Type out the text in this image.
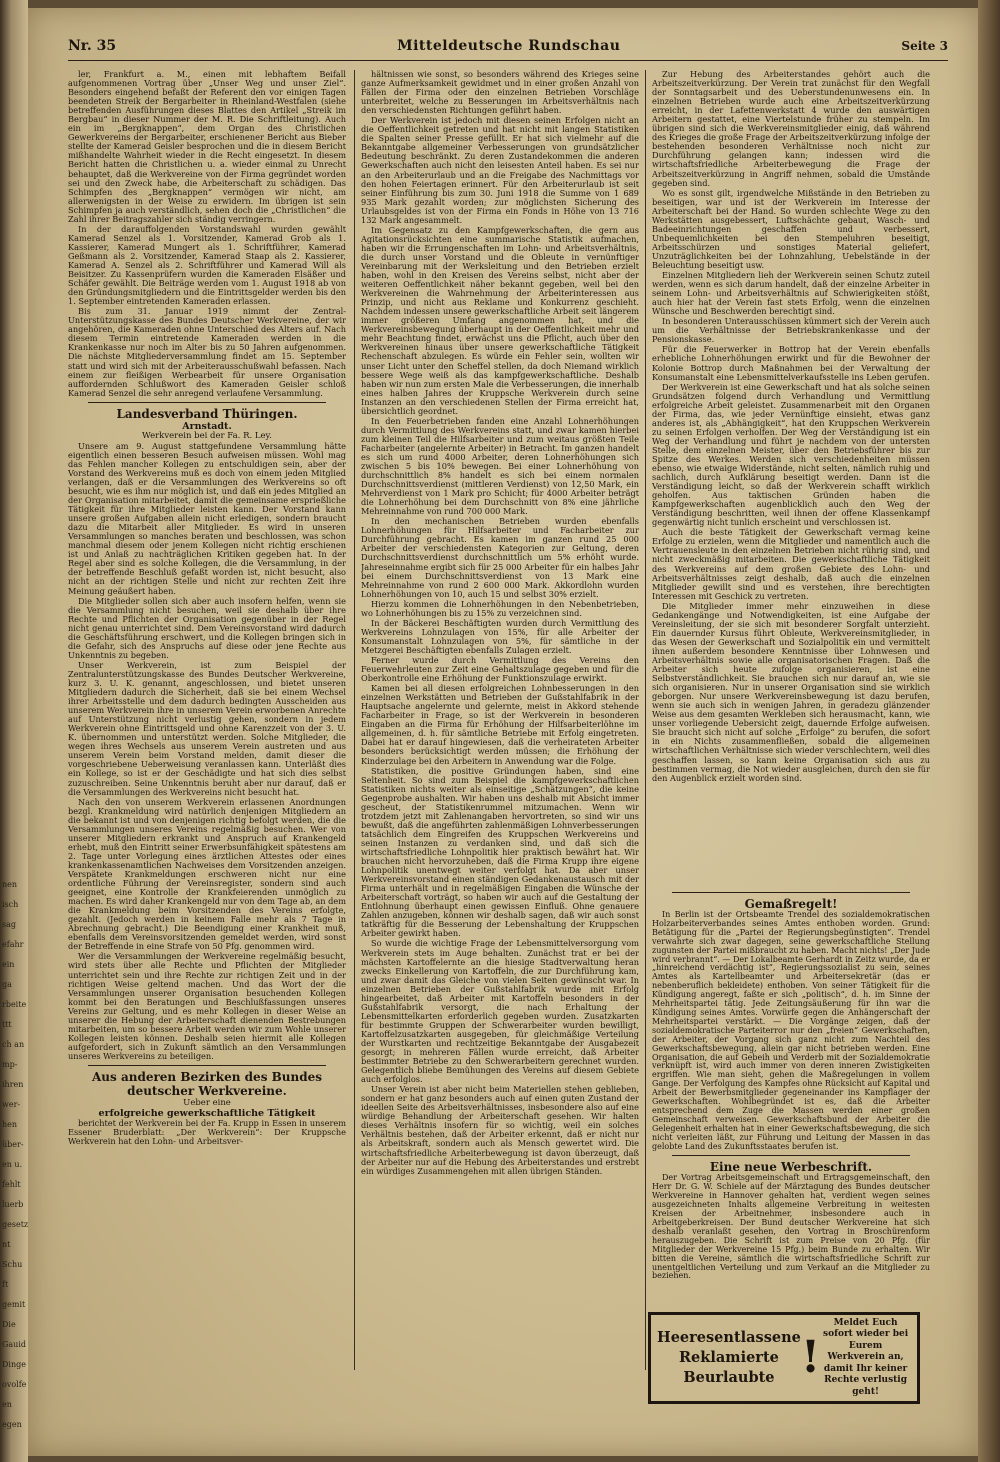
nen
isch
sag
efahr
ein
ga
rbeite
ttt
ch an
mp-
ihren
wer-
hen
über-
en u.
fehlt
luerb
gesetz
nt
Schu
ft
gemit
Die
Gauid
Dinge
ovolfe
en
egen
Nr. 35	Mitteldeutsche Rundschau	Seite 3

ler, Frankfurt a. M., einen mit lebhaftem Beifall aufgenommenen Vortrag über „Unser Weg und unser Ziel“. Besonders eingehend befaßt der Referent den vor einigen Tagen beendeten Streik der Bergarbeiter in Rheinland-Westfalen (siehe betreffenden Ausführungen dieses Blattes den Artikel „Streik im Bergbau“ in dieser Nummer der M. R. Die Schriftleitung). Auch ein im „Bergknappen“, dem Organ des Christlichen Gewerkvereins der Bergarbeiter, erschienener Bericht aus Bieber stellte der Kamerad Geisler besprochen und die in diesem Bericht mißhandelte Wahrheit wieder in die Recht eingesetzt. In diesem Bericht hatten die Christlichen u. a. wieder einmal zu Unrecht behauptet, daß die Werkvereine von der Firma gegründet worden sei und den Zweck habe, die Arbeiterschaft zu schädigen. Das Schimpfen des „Bergknappen“ vermögen wir nicht, am allerwenigsten in der Weise zu erwidern. Im übrigen ist sein Schimpfen ja auch verständlich, sehen doch die „Christlichen“ die Zahl ihrer Beitragszahler sich ständig verringern.

In der darauffolgenden Vorstandswahl wurden gewählt Kamerad Senzel als 1. Vorsitzender, Kamerad Grob als 1. Kassierer, Kamerad Mungert als 1. Schriftführer, Kamerad Geßmann als 2. Vorsitzender, Kamerad Staap als 2. Kassierer, Kamerad A. Senzel als 2. Schriftführer und Kamerad Will als Beisitzer. Zu Kassenprüfern wurden die Kameraden Elsäßer und Schäfer gewählt. Die Beiträge werden vom 1. August 1918 ab von den Gründungsmitgliedern und die Eintrittsgelder werden bis den 1. September eintretenden Kameraden erlassen.

Bis zum 31. Januar 1919 nimmt der Zentral-Unterstützungskasse des Bundes Deutscher Werkvereine, der wir angehören, die Kameraden ohne Unterschied des Alters auf. Nach diesem Termin eintretende Kameraden werden in die Krankenkasse nur noch im Alter bis zu 50 Jahren aufgenommen. Die nächste Mitgliederversammlung findet am 15. September statt und wird sich mit der Arbeiterausschußwahl befassen. Nach einem zur fleißigen Werbearbeit für unsere Organisation auffordernden Schlußwort des Kameraden Geisler schloß Kamerad Senzel die sehr anregend verlaufene Versammlung.

Landesverband Thüringen.

Arnstadt.

Werkverein bei der Fa. R. Ley.

Unsere am 9. August stattgefundene Versammlung hätte eigentlich einen besseren Besuch aufweisen müssen. Wohl mag das Fehlen mancher Kollegen zu entschuldigen sein, aber der Vorstand des Werkvereins muß es doch von einem jeden Mitglied verlangen, daß er die Versammlungen des Werkvereins so oft besucht, wie es ihm nur möglich ist, und daß ein jedes Mitglied an der Organisation mitarbeitet, damit die gemeinsame ersprießliche Tätigkeit für ihre Mitglieder leisten kann. Der Vorstand kann unsere großen Aufgaben allein nicht erledigen, sondern braucht dazu die Mitarbeit aller Mitglieder. Es wird in unseren Versammlungen so manches beraten und beschlossen, was schon manchmal diesem oder jenem Kollegen nicht richtig erschienen ist und Anlaß zu nachträglichen Kritiken gegeben hat. In der Regel aber sind es solche Kollegen, die die Versammlung, in der der betreffende Beschluß gefaßt worden ist, nicht besucht, also nicht an der richtigen Stelle und nicht zur rechten Zeit ihre Meinung geäußert haben.

Die Mitglieder sollen sich aber auch insofern helfen, wenn sie die Versammlung nicht besuchen, weil sie deshalb über ihre Rechte und Pflichten der Organisation gegenüber in der Regel nicht genau unterrichtet sind. Dem Vereinsvorstand wird dadurch die Geschäftsführung erschwert, und die Kollegen bringen sich in die Gefahr, sich des Anspruchs auf diese oder jene Rechte aus Unkenntnis zu begeben.

Unser Werkverein, ist zum Beispiel der Zentralunterstützungskasse des Bundes Deutscher Werkvereine, kurz 3. U. K. genannt, angeschlossen, und bietet unseren Mitgliedern dadurch die Sicherheit, daß sie bei einem Wechsel ihrer Arbeitsstelle und dem dadurch bedingten Ausscheiden aus unserem Werkverein ihre in unserem Verein erworbenen Anrechte auf Unterstützung nicht verlustig gehen, sondern in jedem Werkverein ohne Eintrittsgeld und ohne Karenzzeit von der 3. U. K. übernommen und unterstützt werden. Solche Mitglieder, die wegen ihres Wechsels aus unserem Verein austreten und aus unserem Verein beim Vorstand melden, damit dieser die vorgeschriebene Ueberweisung veranlassen kann. Unterläßt dies ein Kollege, so ist er der Geschädigte und hat sich dies selbst zuzuschreiben. Seine Unkenntnis beruht aber nur darauf, daß er die Versammlungen des Werkvereins nicht besucht hat.

Nach den von unserem Werkverein erlassenen Anordnungen bezgl. Krankmeldung wird natürlich denjenigen Mitgliedern an die bekannt ist und von denjenigen richtig befolgt werden, die die Versammlungen unseres Vereins regelmäßig besuchen. Wer von unserer Mitgliedern erkrankt und Anspruch auf Krankengeld erhebt, muß den Eintritt seiner Erwerbsunfähigkeit spätestens am 2. Tage unter Vorlegung eines ärztlichen Attestes oder eines krankenkassenamtlichen Nachweises dem Vorsitzenden anzeigen. Verspätete Krankmeldungen erschweren nicht nur eine ordentliche Führung der Vereinsregister, sondern sind auch geeignet, eine Kontrolle der Krankfeierenden unmöglich zu machen. Es wird daher Krankengeld nur von dem Tage ab, an dem die Krankmeldung beim Vorsitzenden des Vereins erfolgte, gezahlt. (Jedoch werden in keinem Falle mehr als 7 Tage in Abrechnung gebracht.) Die Beendigung einer Krankheit muß, ebenfalls dem Vereinsvorsitzenden gemeldet werden, wird sonst der Betreffende in eine Strafe von 50 Pfg. genommen wird.

Wer die Versammlungen der Werkvereine regelmäßig besucht, wird stets über alle Rechte und Pflichten der Mitglieder unterrichtet sein und ihre Rechte zur richtigen Zeit und in der richtigen Weise geltend machen. Und das Wort der die Versammlungen unserer Organisation besuchenden Kollegen kommt bei den Beratungen und Beschlußfassungen unseres Vereins zur Geltung, und es mehr Kollegen in dieser Weise an unserer die Hebung der Arbeiterschaft dienenden Bestrebungen mitarbeiten, um so bessere Arbeit werden wir zum Wohle unserer Kollegen leisten können. Deshalb seien hiermit alle Kollegen aufgefordert, sich in Zukunft sämtlich an den Versammlungen unseres Werkvereins zu beteiligen.

Aus anderen Bezirken des Bundes deutscher Werkvereine.

Ueber eine

erfolgreiche gewerkschaftliche Tätigkeit

berichtet der Werkverein bei der Fa. Krupp in Essen in unserem Essener Bruderblatt: „Der Werkverein“: Der Kruppsche Werkverein hat den Lohn- und Arbeitsver-

hältnissen wie sonst, so besonders während des Krieges seine ganze Aufmerksamkeit gewidmet und in einer großen Anzahl von Fällen der Firma oder den einzelnen Betrieben Vorschläge unterbreitet, welche zu Besserungen im Arbeitsverhältnis nach den verschiedensten Richtungen geführt haben.

Der Werkverein ist jedoch mit diesen seinen Erfolgen nicht an die Oeffentlichkeit getreten und hat nicht mit langen Statistiken die Spalten seiner Presse gefüllt. Er hat sich vielmehr auf die Bekanntgabe allgemeiner Verbesserungen von grundsätzlicher Bedeutung beschränkt. Zu deren Zustandekommen die anderen Gewerkschaften auch nicht den leisesten Anteil haben. Es sei nur an den Arbeiterurlaub und an die Freigabe des Nachmittags vor den hohen Feiertagen erinnert. Für den Arbeiterurlaub ist seit seiner Einführung bis zum 30. Juni 1918 die Summe von 1 689 935 Mark gezahlt worden; zur möglichsten Sicherung des Urlaubsgeldes ist von der Firma ein Fonds in Höhe von 13 716 132 Mark angesammelt.

Im Gegensatz zu den Kampfgewerkschaften, die gern aus Agitationsrücksichten eine summarische Statistik aufmachen, haben wir die Errungenschaften im Lohn- und Arbeitsverhältnis, die durch unser Vorstand und die Obleute in vernünftiger Vereinbarung mit der Werksleitung und den Betrieben erzielt haben, wohl in den Kreisen des Vereins selbst, nicht aber der weiteren Oeffentlichkeit näher bekannt gegeben, weil bei den Werkvereinen die Wahrnehmung der Arbeiterinteressen aus Prinzip, und nicht aus Reklame und Konkurrenz geschieht. Nachdem indessen unsere gewerkschaftliche Arbeit seit längerem immer größeren Umfang angenommen hat, und die Werkvereinsbewegung überhaupt in der Oeffentlichkeit mehr und mehr Beachtung findet, erwächst uns die Pflicht, auch über den Werkvereinen hinaus über unsere gewerkschaftliche Tätigkeit Rechenschaft abzulegen. Es würde ein Fehler sein, wollten wir unser Licht unter den Scheffel stellen, da doch Niemand wirklich bessere Wege weiß als das kampfgewerkschaftliche. Deshalb haben wir nun zum ersten Male die Verbesserungen, die innerhalb eines halben Jahres der Kruppsche Werkverein durch seine Instanzen an den verschiedenen Stellen der Firma erreicht hat, übersichtlich geordnet.

In den Feuerbetrieben fanden eine Anzahl Lohnerhöhungen durch Vermittlung des Werkvereins statt, und zwar kamen hierbei zum kleinen Teil die Hilfsarbeiter und zum weitaus größten Teile Facharbeiter (angelernte Arbeiter) in Betracht. Im ganzen handelt es sich um rund 4000 Arbeiter, deren Lohnerhöhungen sich zwischen 5 bis 10% bewegen. Bei einer Lohnerhöhung von durchschnittlich 8% handelt es sich bei einem normalen Durchschnittsverdienst (mittleren Verdienst) von 12,50 Mark, ein Mehrverdienst von 1 Mark pro Schicht; für 4000 Arbeiter beträgt die Lohnerhöhung bei dem Durchschnitt von 8% eine jährliche Mehreinnahme von rund 700 000 Mark.

In den mechanischen Betrieben wurden ebenfalls Lohnerhöhungen für Hilfsarbeiter und Facharbeiter zur Durchführung gebracht. Es kamen im ganzen rund 25 000 Arbeiter der verschiedensten Kategorien zur Geltung, deren Durchschnittsverdienst durchschnittlich um 5% erhöht wurde. Jahreseinnahme ergibt sich für 25 000 Arbeiter für ein halbes Jahr bei einem Durchschnittsverdienst von 13 Mark eine Mehreinnahme von rund 2 600 000 Mark. Akkordlohn wurden Lohnerhöhungen von 10, auch 15 und selbst 30% erzielt.

Hierzu kommen die Lohnerhöhungen in den Nebenbetrieben, wo Lohnerhöhungen bis zu 15% zu verzeichnen sind.

In der Bäckerei Beschäftigten wurden durch Vermittlung des Werkvereins Lohnzulagen von 15%, für alle Arbeiter der Konsumanstalt Lohnzulagen von 5%, für sämtliche in der Metzgerei Beschäftigten ebenfalls Zulagen erzielt.

Ferner wurde durch Vermittlung des Vereins den Feuerwehrleuten zur Zeit eine Gehaltszulage gegeben und für die Oberkontrolle eine Erhöhung der Funktionszulage erwirkt.

Kamen bei all diesen erfolgreichen Lohnbesserungen in den einzelnen Werkstätten und Betrieben der Gußstahlfabrik in der Hauptsache angelernte und gelernte, meist in Akkord stehende Facharbeiter in Frage, so ist der Werkverein in besonderen Eingaben an die Firma für Erhöhung der Hilfsarbeiterlöhne im allgemeinen, d. h. für sämtliche Betriebe mit Erfolg eingetreten. Dabei hat er darauf hingewiesen, daß die verheirateten Arbeiter besonders berücksichtigt werden müssen; die Erhöhung der Kinderzulage bei den Arbeitern in Anwendung war die Folge.

Statistiken, die positive Gründungen haben, sind eine Seltenheit. So sind zum Beispiel die kampfgewerkschaftlichen Statistiken nichts weiter als einseitige „Schätzungen“, die keine Gegenprobe aushalten. Wir haben uns deshalb mit Absicht immer gescheut, der Statistikenrummel mitzumachen. Wenn wir trotzdem jetzt mit Zahlenangaben hervortreten, so sind wir uns bewußt, daß die angeführten zahlenmäßigen Lohnverbesserungen tatsächlich dem Eingreifen des Kruppschen Werkvereins und seinen Instanzen zu verdanken sind, und daß sich die wirtschaftsfriedliche Lohnpolitik hier praktisch bewährt hat. Wir brauchen nicht hervorzuheben, daß die Firma Krupp ihre eigene Lohnpolitik unentwegt weiter verfolgt hat. Da aber unser Werkvereinsvorstand einen ständigen Gedankenaustausch mit der Firma unterhält und in regelmäßigen Eingaben die Wünsche der Arbeiterschaft vorträgt, so haben wir auch auf die Gestaltung der Entlohnung überhaupt einen gewissen Einfluß. Ohne genauere Zahlen anzugeben, können wir deshalb sagen, daß wir auch sonst tatkräftig für die Besserung der Lebenshaltung der Kruppschen Arbeiter gewirkt haben.

So wurde die wichtige Frage der Lebensmittelversorgung vom Werkverein stets im Auge behalten. Zunächst trat er bei der mächsten Kartoffelernte an die hiesige Stadtverwaltung heran zwecks Einkellerung von Kartoffeln, die zur Durchführung kam, und zwar damit das Gleiche von vielen Seiten gewünscht war. In einzelnen Betrieben der Gußstahlfabrik wurde mit Erfolg hingearbeitet, daß Arbeiter mit Kartoffeln besonders in der Gußstahlfabrik versorgt, die nach Erhaltung der Lebensmittelkarten erforderlich gegeben wurden. Zusatzkarten für bestimmte Gruppen der Schwerarbeiter wurden bewilligt, Kartoffelzusatzkarten ausgegeben, für gleichmäßige Verteilung der Wurstkarten und rechtzeitige Bekanntgabe der Ausgabezeit gesorgt; in mehreren Fällen wurde erreicht, daß Arbeiter bestimmter Betriebe zu den Schwerarbeitern gerechnet wurden. Gelegentlich bliebe Bemühungen des Vereins auf diesem Gebiete auch erfolglos.

Unser Verein ist aber nicht beim Materiellen stehen geblieben, sondern er hat ganz besonders auch auf einen guten Zustand der ideellen Seite des Arbeitsverhältnisses, insbesondere also auf eine würdige Behandlung der Arbeiterschaft gesehen. Wir halten dieses Verhältnis insofern für so wichtig, weil ein solches Verhältnis bestehen, daß der Arbeiter erkennt, daß er nicht nur als Arbeitskraft, sondern auch als Mensch gewertet wird. Die wirtschaftsfriedliche Arbeiterbewegung ist davon überzeugt, daß der Arbeiter nur auf die Hebung des Arbeiterstandes und erstrebt ein würdiges Zusammengehen mit allen übrigen Ständen.

Zur Hebung des Arbeiterstandes gehört auch die Arbeitszeitverkürzung. Der Verein trat zunächst für den Wegfall der Sonntagsarbeit und des Ueberstundenunwesens ein. In einzelnen Betrieben wurde auch eine Arbeitszeitverkürzung erreicht, in der Lafettenwerkstatt 4 wurde den auswärtigen Arbeitern gestattet, eine Viertelstunde früher zu stempeln. Im übrigen sind sich die Werkvereinsmitglieder einig, daß während des Krieges die große Frage der Arbeitszeitverkürzung infolge der bestehenden besonderen Verhältnisse noch nicht zur Durchführung gelangen kann; indessen wird die wirtschaftsfriedliche Arbeiterbewegung die Frage der Arbeitszeitverkürzung in Angriff nehmen, sobald die Umstände gegeben sind.

Wo es sonst gilt, irgendwelche Mißstände in den Betrieben zu beseitigen, war und ist der Werkverein im Interesse der Arbeiterschaft bei der Hand. So wurden schlechte Wege zu den Werkstätten ausgebessert, Luftschächte gebaut, Wasch- und Badeeinrichtungen geschaffen und verbessert, Unbequemlichkeiten bei den Stempeluhren beseitigt, Arbeitsschürzen und sonstiges Material geliefert, Unzuträglichkeiten bei der Lohnzahlung, Uebelstände in der Beleuchtung beseitigt usw.

Einzelnen Mitgliedern lieh der Werkverein seinen Schutz zuteil werden, wenn es sich darum handelt, daß der einzelne Arbeiter in seinem Lohn- und Arbeitsverhältnis auf Schwierigkeiten stößt, auch hier hat der Verein fast stets Erfolg, wenn die einzelnen Wünsche und Beschwerden berechtigt sind.

In besonderen Unterausschüssen kümmert sich der Verein auch um die Verhältnisse der Betriebskrankenkasse und der Pensionskasse.

Für die Feuerwerker in Bottrop hat der Verein ebenfalls erhebliche Lohnerhöhungen erwirkt und für die Bewohner der Kolonie Bottrop durch Maßnahmen bei der Verwaltung der Konsumanstalt eine Lebensmittelverkaufsstelle ins Leben gerufen.

Der Werkverein ist eine Gewerkschaft und hat als solche seinen Grundsätzen folgend durch Verhandlung und Vermittlung erfolgreiche Arbeit geleistet. Zusammenarbeit mit den Organen der Firma, das, wie jeder Vernünftige einsieht, etwas ganz anderes ist, als „Abhängigkeit“, hat den Kruppschen Werkverein zu seinen Erfolgen verholfen. Der Weg der Verständigung ist ein Weg der Verhandlung und führt je nachdem von der untersten Stelle, dem einzelnen Meister, über den Betriebsführer bis zur Spitze des Werkes. Werden sich verschiedenheiten müssen ebenso, wie etwaige Widerstände, nicht selten, nämlich ruhig und sachlich, durch Aufklärung beseitigt werden. Dann ist die Verständigung leicht, so daß der Werkverein schafft wirklich geholfen. Aus taktischen Gründen haben die Kampfgewerkschaften augenblicklich auch den Weg der Verständigung beschritten, weil ihnen der offene Klassenkampf gegenwärtig nicht tunlich erscheint und verschlossen ist.

Auch die beste Tätigkeit der Gewerkschaft vermag keine Erfolge zu erzielen, wenn die Mitglieder und namentlich auch die Vertrauensleute in den einzelnen Betrieben nicht rührig sind, und nicht zweckmäßig mitarbeiten. Die gewerkschaftliche Tätigkeit des Werkvereins auf dem großen Gebiete des Lohn- und Arbeitsverhältnisses zeigt deshalb, daß auch die einzelnen Mitglieder gewillt sind und es verstehen, ihre berechtigten Interessen mit Geschick zu vertreten.

Die Mitglieder immer mehr einzuweihen in diese Gedankengänge und Notwendigkeiten, ist eine Aufgabe der Vereinsleitung, der sie sich mit besonderer Sorgfalt unterzieht. Ein dauernder Kursus führt Obleute, Werkvereinsmitglieder, in das Wesen der Gewerkschaft und Sozialpolitik ein und vermittelt ihnen außerdem besondere Kenntnisse über Lohnwesen und Arbeitsverhältnis sowie alle organisatorischen Fragen. Daß die Arbeiter sich heute zufolge organisieren, ist eine Selbstverständlichkeit. Sie brauchen sich nur darauf an, wie sie sich organisieren. Nur in unserer Organisation sind sie wirklich geborgen. Nur unsere Werkvereinsbewegung ist dazu berufen, wenn sie auch sich in wenigen Jahren, in geradezu glänzender Weise aus dem gesamten Werkleben sich herausmacht, kann, wie unser vorliegende Uebersicht zeigt, dauernde Erfolge aufweisen. Sie braucht sich nicht auf solche „Erfolge“ zu berufen, die sofort in ein Nichts zusammenfließen, sobald die allgemeinen wirtschaftlichen Verhältnisse sich wieder verschlechtern, weil dies geschaffen lassen, so kann keine Organisation sich aus zu bestimmen vermag, die Not wieder ausgleichen, durch den sie für den Augenblick erzielt worden sind.

Gemaßregelt!

In Berlin ist der Ortsbeamte Trendel des sozialdemokratischen Holzarbeiterverbandes seines Amtes enthoben worden. Grund: Betätigung für die „Partei der Regierungsbegünstigten“. Trendel verwahrte sich zwar dagegen, seine gewerkschaftliche Stellung zugunsten der Partei mißbraucht zu haben. Macht nichts! „Der Jude wird verbrannt“. — Der Lokalbeamte Gerhardt in Zeitz wurde, da er „hinreichend verdächtig ist“, Regierungssozialist zu sein, seines Amtes als Kartellbeamter und Arbeitersekretär (das er nebenberuflich bekleidete) enthoben. Von seiner Tätigkeit für die Kündigung angeregt, faßte er sich „politisch“, d. h. im Sinne der Mehrheitspartei tätig. Jede Zeitungsäußerung für ihn war die Kündigung seines Amtes. Vorwürfe gegen die Anhängerschaft der Mehrheitspartei verstärkt. — Die Vorgänge zeigen, daß der sozialdemokratische Parteiterror nur den „freien“ Gewerkschaften, der Arbeiter, der Vorgang sich ganz nicht zum Nachteil des Gewerkschaftsbewegung, allein gar nicht betrieben werden. Eine Organisation, die auf Gebeih und Verderb mit der Sozialdemokratie verknüpft ist, wird auch immer von deren inneren Zwistigkeiten ergriffen. Wie man sieht, gehen die Maßregelungen in vollem Gange. Der Verfolgung des Kampfes ohne Rücksicht auf Kapital und Arbeit der Bewerbsmitglieder gegeneinander ins Kampflager der Gewerkschaften. Wohlbegründet ist es, daß die Arbeiter entsprechend dem Zuge die Massen werden einer großen Gemeinschaft verweisen. Gewerkschaftsbund der Arbeiter die Gelegenheit erhalten hat in einer Gewerkschaftsbewegung, die sich nicht verleiten läßt, zur Führung und Leitung der Massen in das gelobte Land des Zukunftsstaates berufen ist.

Eine neue Werbeschrift.

Der Vortrag Arbeitsgemeinschaft und Ertragsgemeinschaft, den Herr Dr. G. W. Schiele auf der Märztagung des Bundes deutscher Werkvereine in Hannover gehalten hat, verdient wegen seines ausgezeichneten Inhalts allgemeine Verbreitung in weitesten Kreisen der Arbeitnehmer, insbesondere auch in Arbeitgeberkreisen. Der Bund deutscher Werkvereine hat sich deshalb veranlaßt gesehen, den Vortrag in Broschürenform herauszugeben. Die Schrift ist zum Preise von 20 Pfg. (für Mitglieder der Werkvereine 15 Pfg.) beim Bunde zu erhalten. Wir bitten die Vereine, sämtlich die wirtschaftsfriedliche Schrift zur unentgeltlichen Verteilung und zum Verkauf an die Mitglieder zu beziehen.

Heeresentlassene
Reklamierte
Beurlaubte !
Meldet Euch sofort wieder bei Eurem Werkverein an, damit Ihr keiner Rechte verlustig geht!
